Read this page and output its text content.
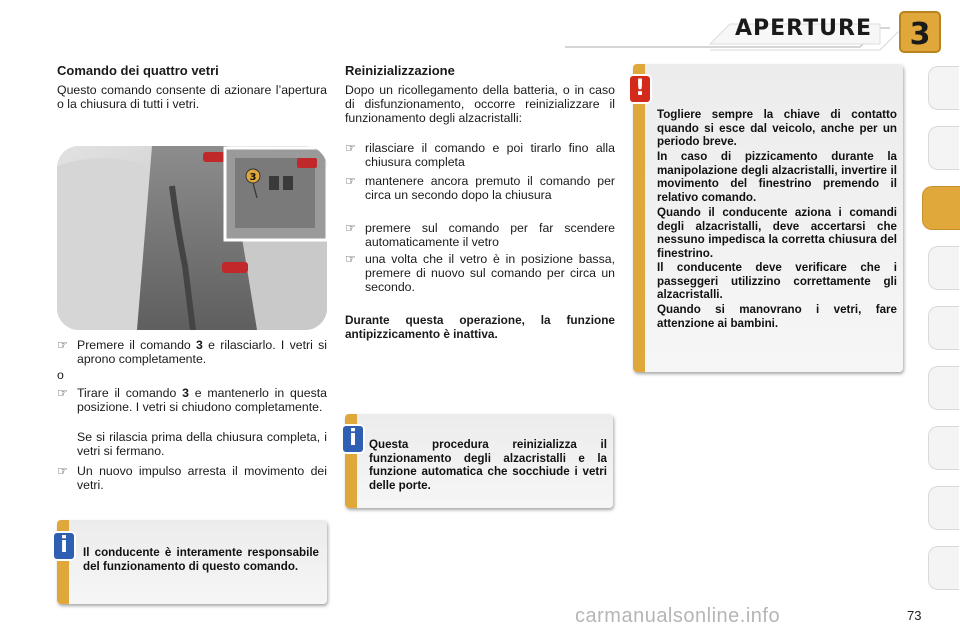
APERTURE 3
Comando dei quattro vetri
Questo comando consente di azionare l’apertura o la chiusura di tutti i vetri.
3
☞ Premere il comando 3 e rilasciarlo. I vetri si aprono completamente.
o
☞ Tirare il comando 3 e mantenerlo in questa posizione. I vetri si chiudono completamente.
Se si rilascia prima della chiusura completa, i vetri si fermano.
☞ Un nuovo impulso arresta il movimento dei vetri.
Il conducente è interamente responsabile del funzionamento di questo comando.
i
Reinizializzazione
Dopo un ricollegamento della batteria, o in caso di disfunzionamento, occorre reinizializzare il funzionamento degli alzacristalli:
☞ rilasciare il comando e poi tirarlo fino alla chiusura completa
☞ mantenere ancora premuto il comando per circa un secondo dopo la chiusura
☞ premere sul comando per far scendere automaticamente il vetro
☞ una volta che il vetro è in posizione bassa, premere di nuovo sul comando per circa un secondo.
Durante questa operazione, la funzione antipizzicamento è inattiva.
Questa procedura reinizializza il funzionamento degli alzacristalli e la funzione automatica che socchiude i vetri delle porte.
i
Togliere sempre la chiave di contatto quando si esce dal veicolo, anche per un periodo breve.
In caso di pizzicamento durante la manipolazione degli alzacristalli, invertire il movimento del finestrino premendo il relativo comando.
Quando il conducente aziona i comandi degli alzacristalli, deve accertarsi che nessuno impedisca la corretta chiusura del finestrino.
Il conducente deve verificare che i passeggeri utilizzino correttamente gli alzacristalli.
Quando si manovrano i vetri, fare attenzione ai bambini.
!
carmanualsonline.info	73
